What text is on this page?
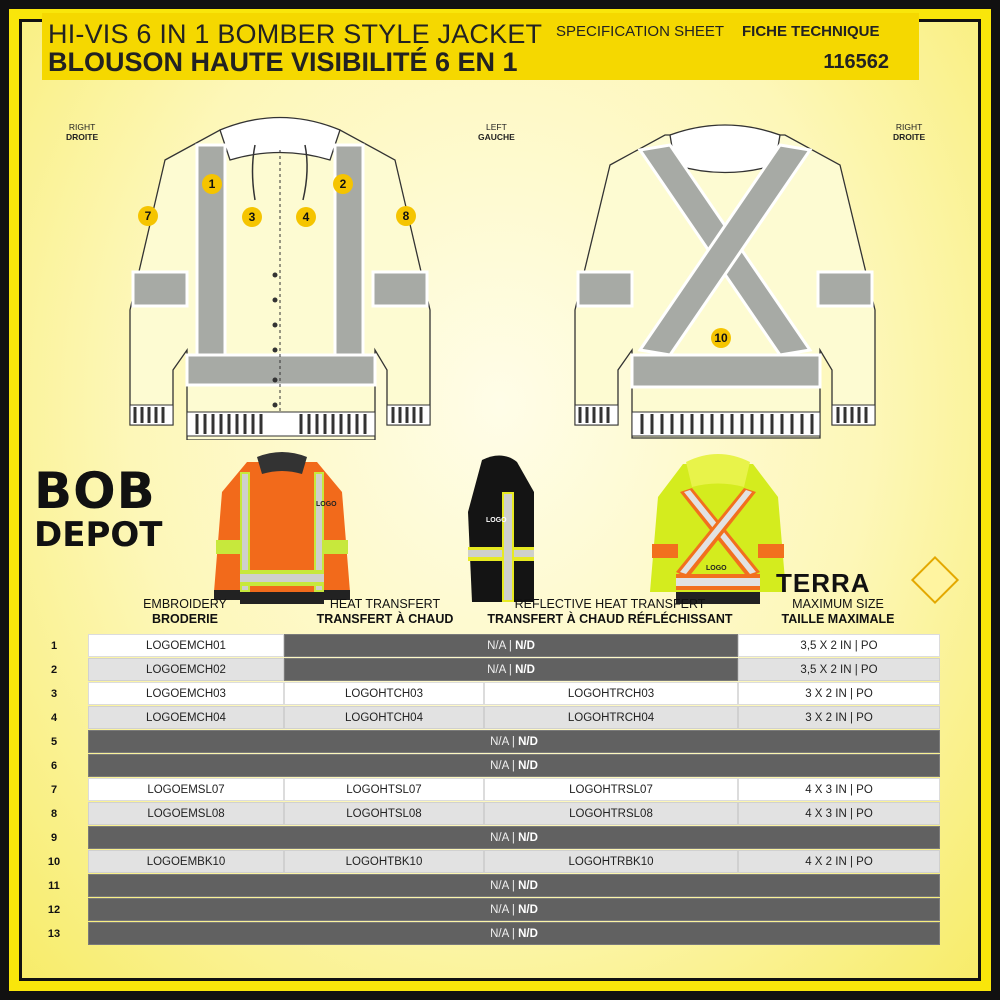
HI-VIS 6 IN 1 BOMBER STYLE JACKET
BLOUSON HAUTE VISIBILITÉ 6 EN 1
SPECIFICATION SHEET FICHE TECHNIQUE
116562
RIGHT
DROITE
LEFT
GAUCHE
RIGHT
DROITE
1	2
3	4
7	8
10
LOGO
LOGO
LOGO
BOB
DEPOT
TERRA
EMBROIDERY
BRODERIE
HEAT TRANSFERT
TRANSFERT À CHAUD
REFLECTIVE HEAT TRANSFERT
TRANSFERT À CHAUD RÉFLÉCHISSANT
MAXIMUM SIZE
TAILLE MAXIMALE
1	LOGOEMCH01	N/A | N/D	3,5 X 2 IN | PO
2	LOGOEMCH02	N/A | N/D	3,5 X 2 IN | PO
3	LOGOEMCH03	LOGOHTCH03	LOGOHTRCH03	3 X 2 IN | PO
4	LOGOEMCH04	LOGOHTCH04	LOGOHTRCH04	3 X 2 IN | PO
5	N/A | N/D
6	N/A | N/D
7	LOGOEMSL07	LOGOHTSL07	LOGOHTRSL07	4 X 3 IN | PO
8	LOGOEMSL08	LOGOHTSL08	LOGOHTRSL08	4 X 3 IN | PO
9	N/A | N/D
10	LOGOEMBK10	LOGOHTBK10	LOGOHTRBK10	4 X 2 IN | PO
11	N/A | N/D
12	N/A | N/D
13	N/A | N/D
